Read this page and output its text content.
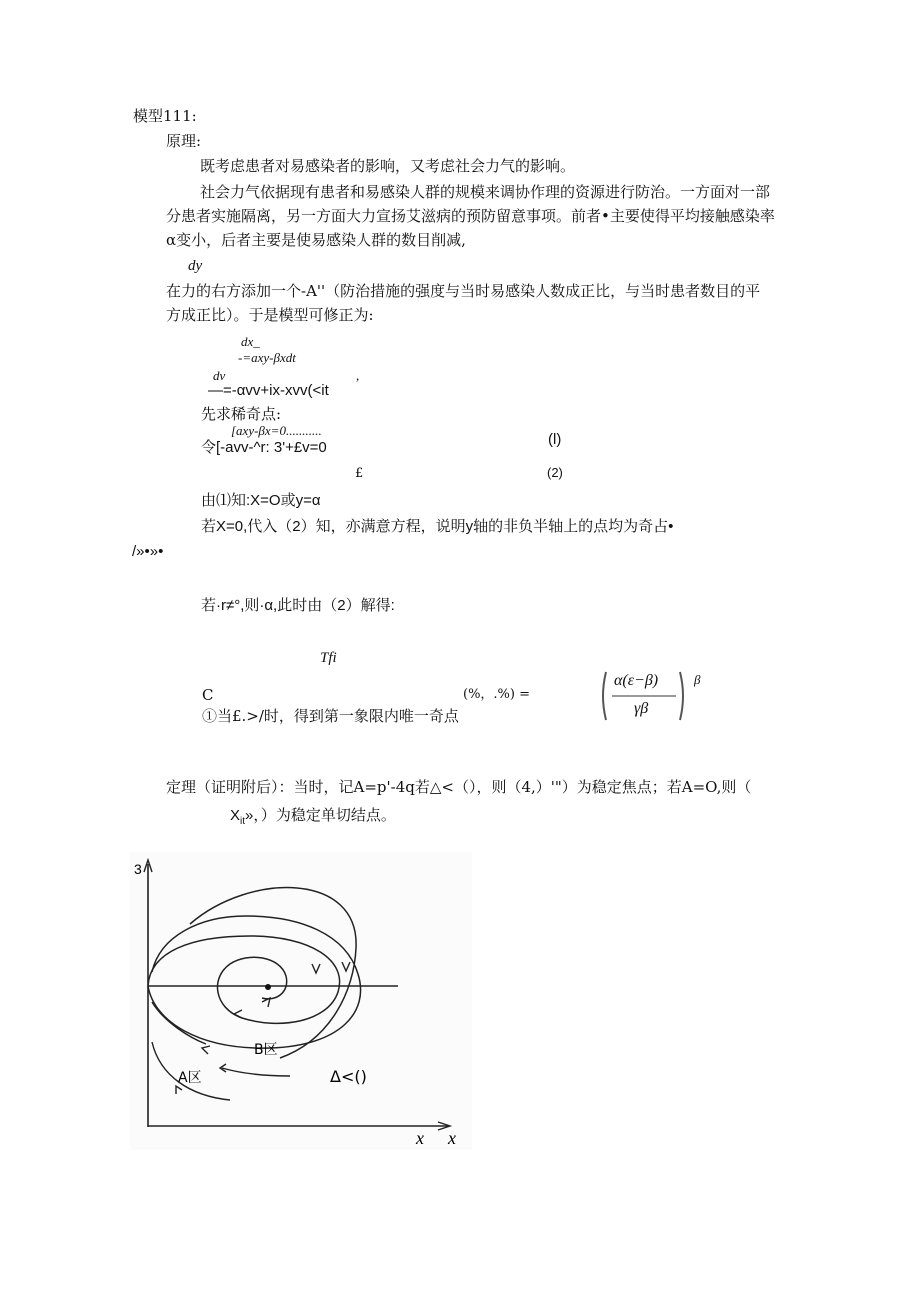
模型111:
原理:
既考虑患者对易感染者的影响，又考虑社会力气的影响。
社会力气依据现有患者和易感染人群的规模来调协作理的资源进行防治。一方面对一部
分患者实施隔离，另一方面大力宣扬艾滋病的预防留意事项。前者•主要使得平均接触感染率
α变小，后者主要是使易感染人群的数目削减,
dy
在力的右方添加一个-A''（防治措施的强度与当时易感染人数成正比，与当时患者数目的平
方成正比）。于是模型可修正为:
dx_
-=axy-βxdt
dv	,
—=-αvv+ix-xvv(<it
先求稀奇点:
[axy-βx=0...........
令[-avv-^r: 3'+£v=0	(l)
£	(2)
由⑴知:X=O或y=α
若X=0,代入（2）知，亦满意方程，说明y轴的非负半轴上的点均为奇占•
/»•»•
若·r≠°,则·α,此时由（2）解得:
Tfi
C	(%，.%) =
①当£.>/时，得到第一象限内唯一奇点
α(ε−β)
γβ
β
定理（证明附后）：当时，记A=p'-4q若△<（），则（4,）'"）为稳定焦点；若A=O,则（
$X_{it}$»，）为稳定单切结点。
3
x x
A区
B区
Δ<()
